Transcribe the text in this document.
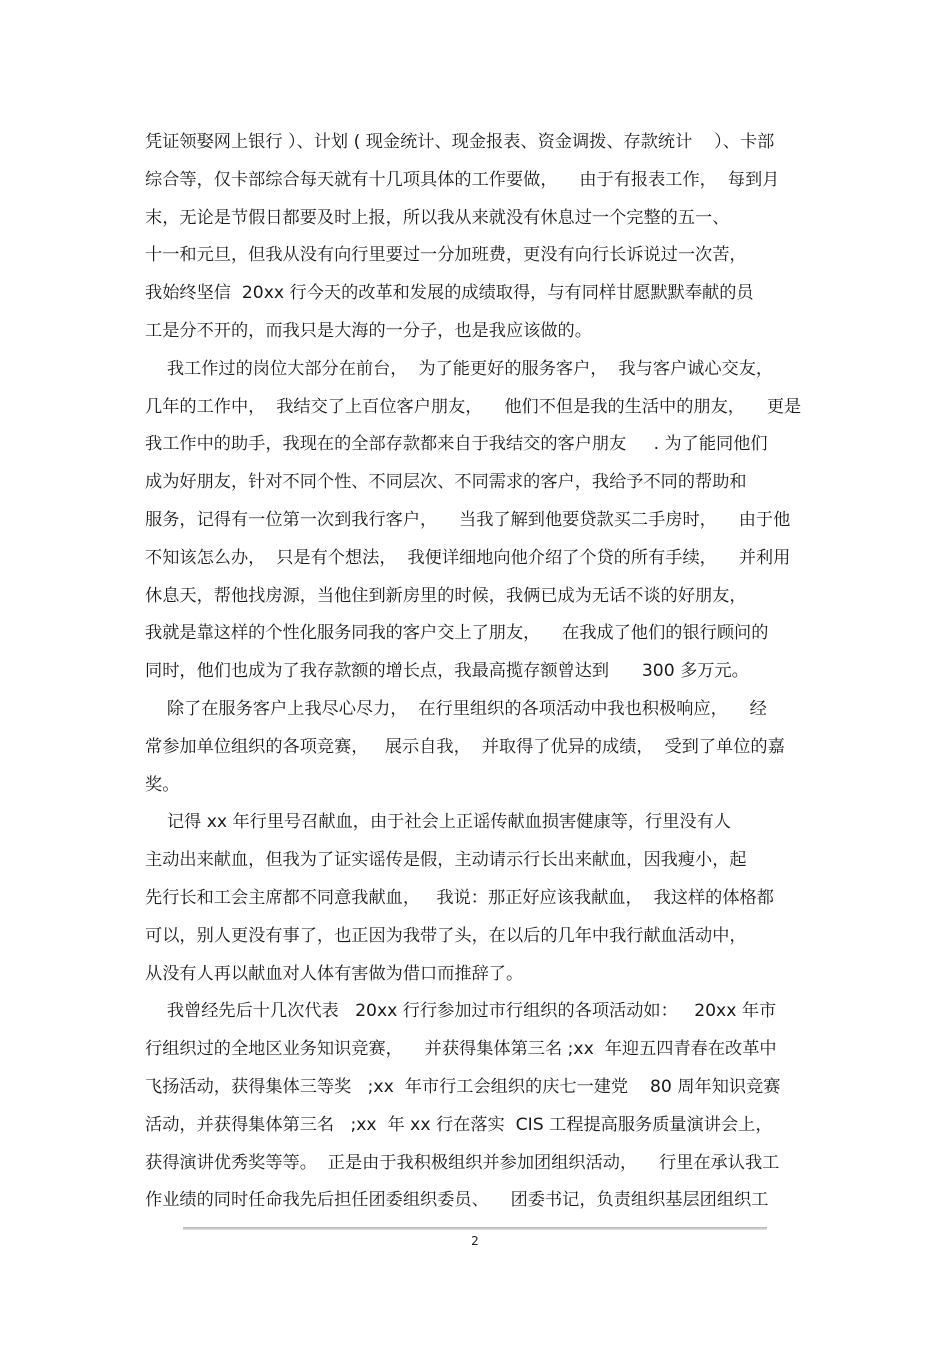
凭证领娶网上银行 ）、计划 ( 现金统计、现金报表、资金调拨、存款统计    ）、卡部
综合等，仅卡部综合每天就有十几项具体的工作要做，    由于有报表工作，  每到月
末，无论是节假日都要及时上报，所以我从来就没有休息过一个完整的五一、
十一和元旦，但我从没有向行里要过一分加班费，更没有向行长诉说过一次苦，
我始终坚信  20xx 行今天的改革和发展的成绩取得，与有同样甘愿默默奉献的员
工是分不开的，而我只是大海的一分子，也是我应该做的。
我工作过的岗位大部分在前台，  为了能更好的服务客户，  我与客户诚心交友，
几年的工作中，  我结交了上百位客户朋友，    他们不但是我的生活中的朋友，    更是
我工作中的助手，我现在的全部存款都来自于我结交的客户朋友     . 为了能同他们
成为好朋友，针对不同个性、不同层次、不同需求的客户，我给予不同的帮助和
服务，记得有一位第一次到我行客户，    当我了解到他要贷款买二手房时，    由于他
不知该怎么办，  只是有个想法，  我便详细地向他介绍了个贷的所有手续，    并利用
休息天，帮他找房源，当他住到新房里的时候，我俩已成为无话不谈的好朋友，
我就是靠这样的个性化服务同我的客户交上了朋友，    在我成了他们的银行顾问的
同时，他们也成为了我存款额的增长点，我最高揽存额曾达到      300 多万元。
除了在服务客户上我尽心尽力，  在行里组织的各项活动中我也积极响应，    经
常参加单位组织的各项竞赛，   展示自我，  并取得了优异的成绩，  受到了单位的嘉
奖。
记得 xx 年行里号召献血，由于社会上正谣传献血损害健康等，行里没有人
主动出来献血，但我为了证实谣传是假，主动请示行长出来献血，因我瘦小，起
先行长和工会主席都不同意我献血，   我说：那正好应该我献血，  我这样的体格都
可以，别人更没有事了，也正因为我带了头，在以后的几年中我行献血活动中，
从没有人再以献血对人体有害做为借口而推辞了。
我曾经先后十几次代表   20xx 行行参加过市行组织的各项活动如：   20xx 年市
行组织过的全地区业务知识竞赛，    并获得集体第三名 ;xx  年迎五四青春在改革中
飞扬活动，获得集体三等奖   ;xx  年市行工会组织的庆七一建党    80 周年知识竞赛
活动，并获得集体第三名   ;xx  年 xx 行在落实  CIS 工程提高服务质量演讲会上，
获得演讲优秀奖等等。  正是由于我积极组织并参加团组织活动，    行里在承认我工
作业绩的同时任命我先后担任团委组织委员、    团委书记，负责组织基层团组织工
2
